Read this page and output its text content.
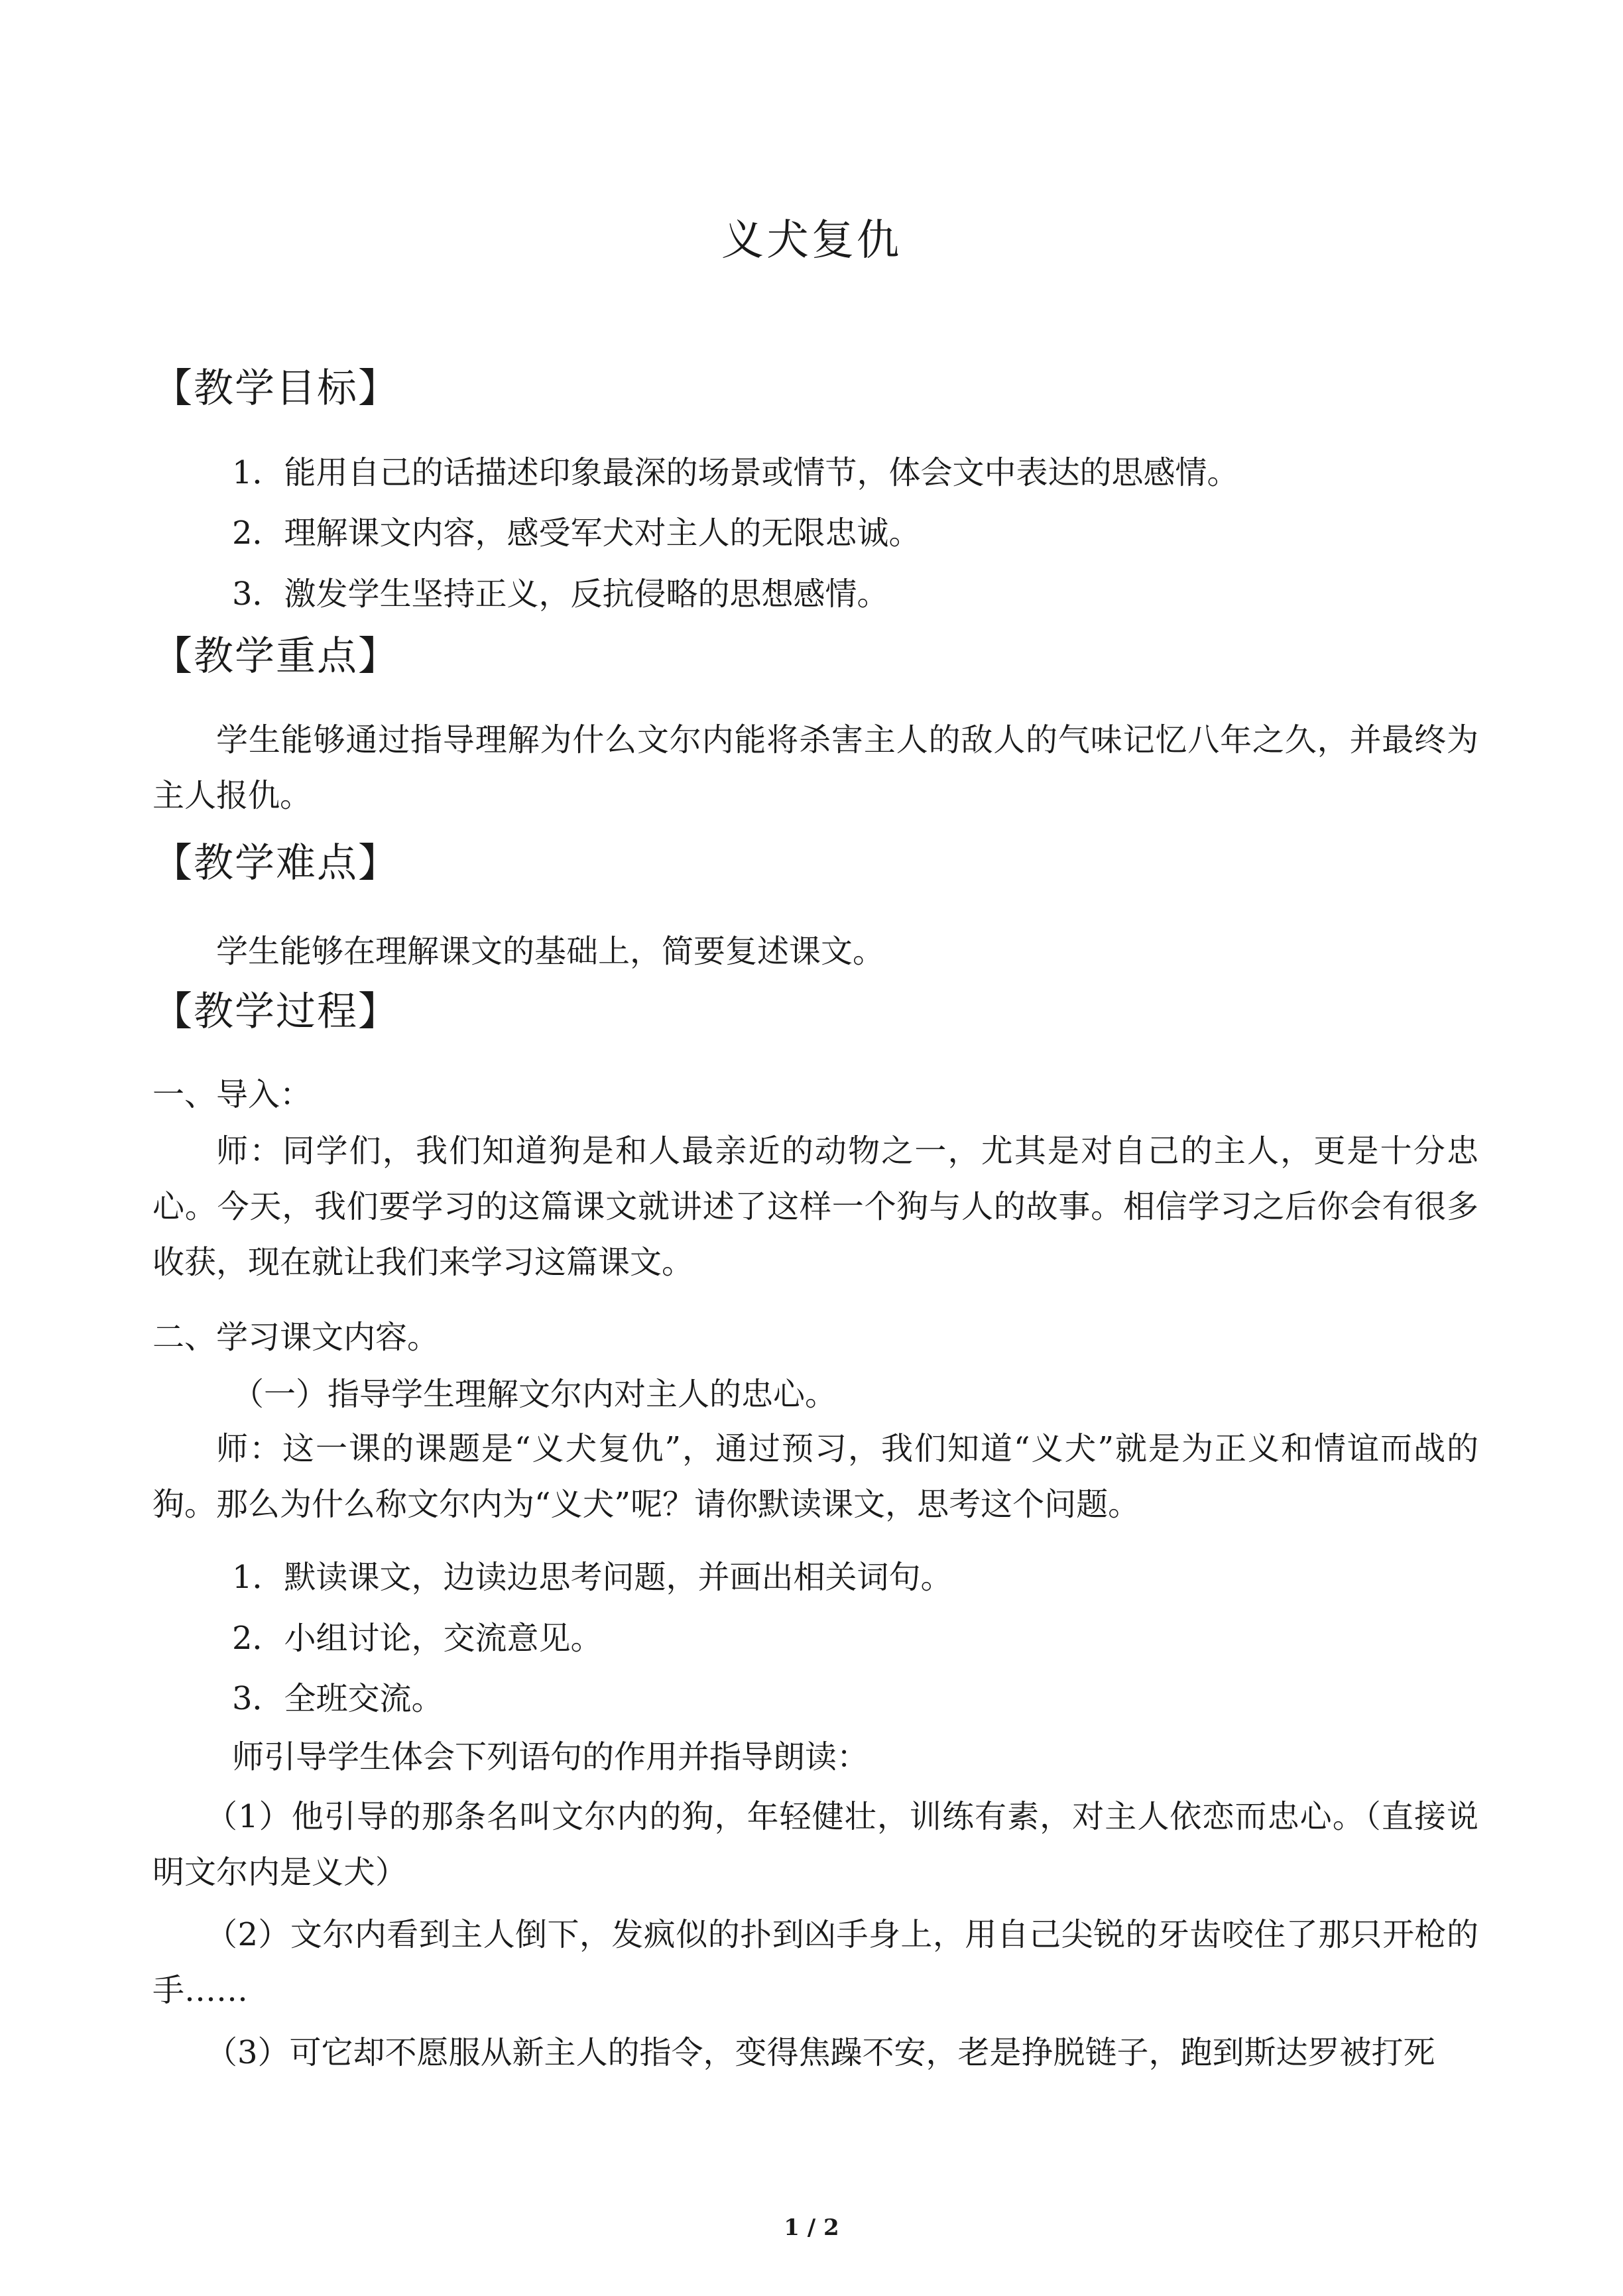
义犬复仇
【教学目标】
1．能用自己的话描述印象最深的场景或情节，体会文中表达的思感情。
2．理解课文内容，感受军犬对主人的无限忠诚。
3．激发学生坚持正义，反抗侵略的思想感情。
【教学重点】

学生能够通过指导理解为什么文尔内能将杀害主人的敌人的气味记忆八年之久，并最终为主人报仇。

【教学难点】

学生能够在理解课文的基础上，简要复述课文。

【教学过程】
一、导入：

师：同学们，我们知道狗是和人最亲近的动物之一，尤其是对自己的主人，更是十分忠心。今天，我们要学习的这篇课文就讲述了这样一个狗与人的故事。相信学习之后你会有很多收获，现在就让我们来学习这篇课文。

二、学习课文内容。
（一）指导学生理解文尔内对主人的忠心。

师：这一课的课题是“义犬复仇”，通过预习，我们知道“义犬”就是为正义和情谊而战的狗。那么为什么称文尔内为“义犬”呢？请你默读课文，思考这个问题。

1．默读课文，边读边思考问题，并画出相关词句。
2．小组讨论，交流意见。
3．全班交流。
师引导学生体会下列语句的作用并指导朗读：

（1）他引导的那条名叫文尔内的狗，年轻健壮，训练有素，对主人依恋而忠心。（直接说明文尔内是义犬）

（2）文尔内看到主人倒下，发疯似的扑到凶手身上，用自己尖锐的牙齿咬住了那只开枪的手……

（3）可它却不愿服从新主人的指令，变得焦躁不安，老是挣脱链子，跑到斯达罗被打死

1 / 2
